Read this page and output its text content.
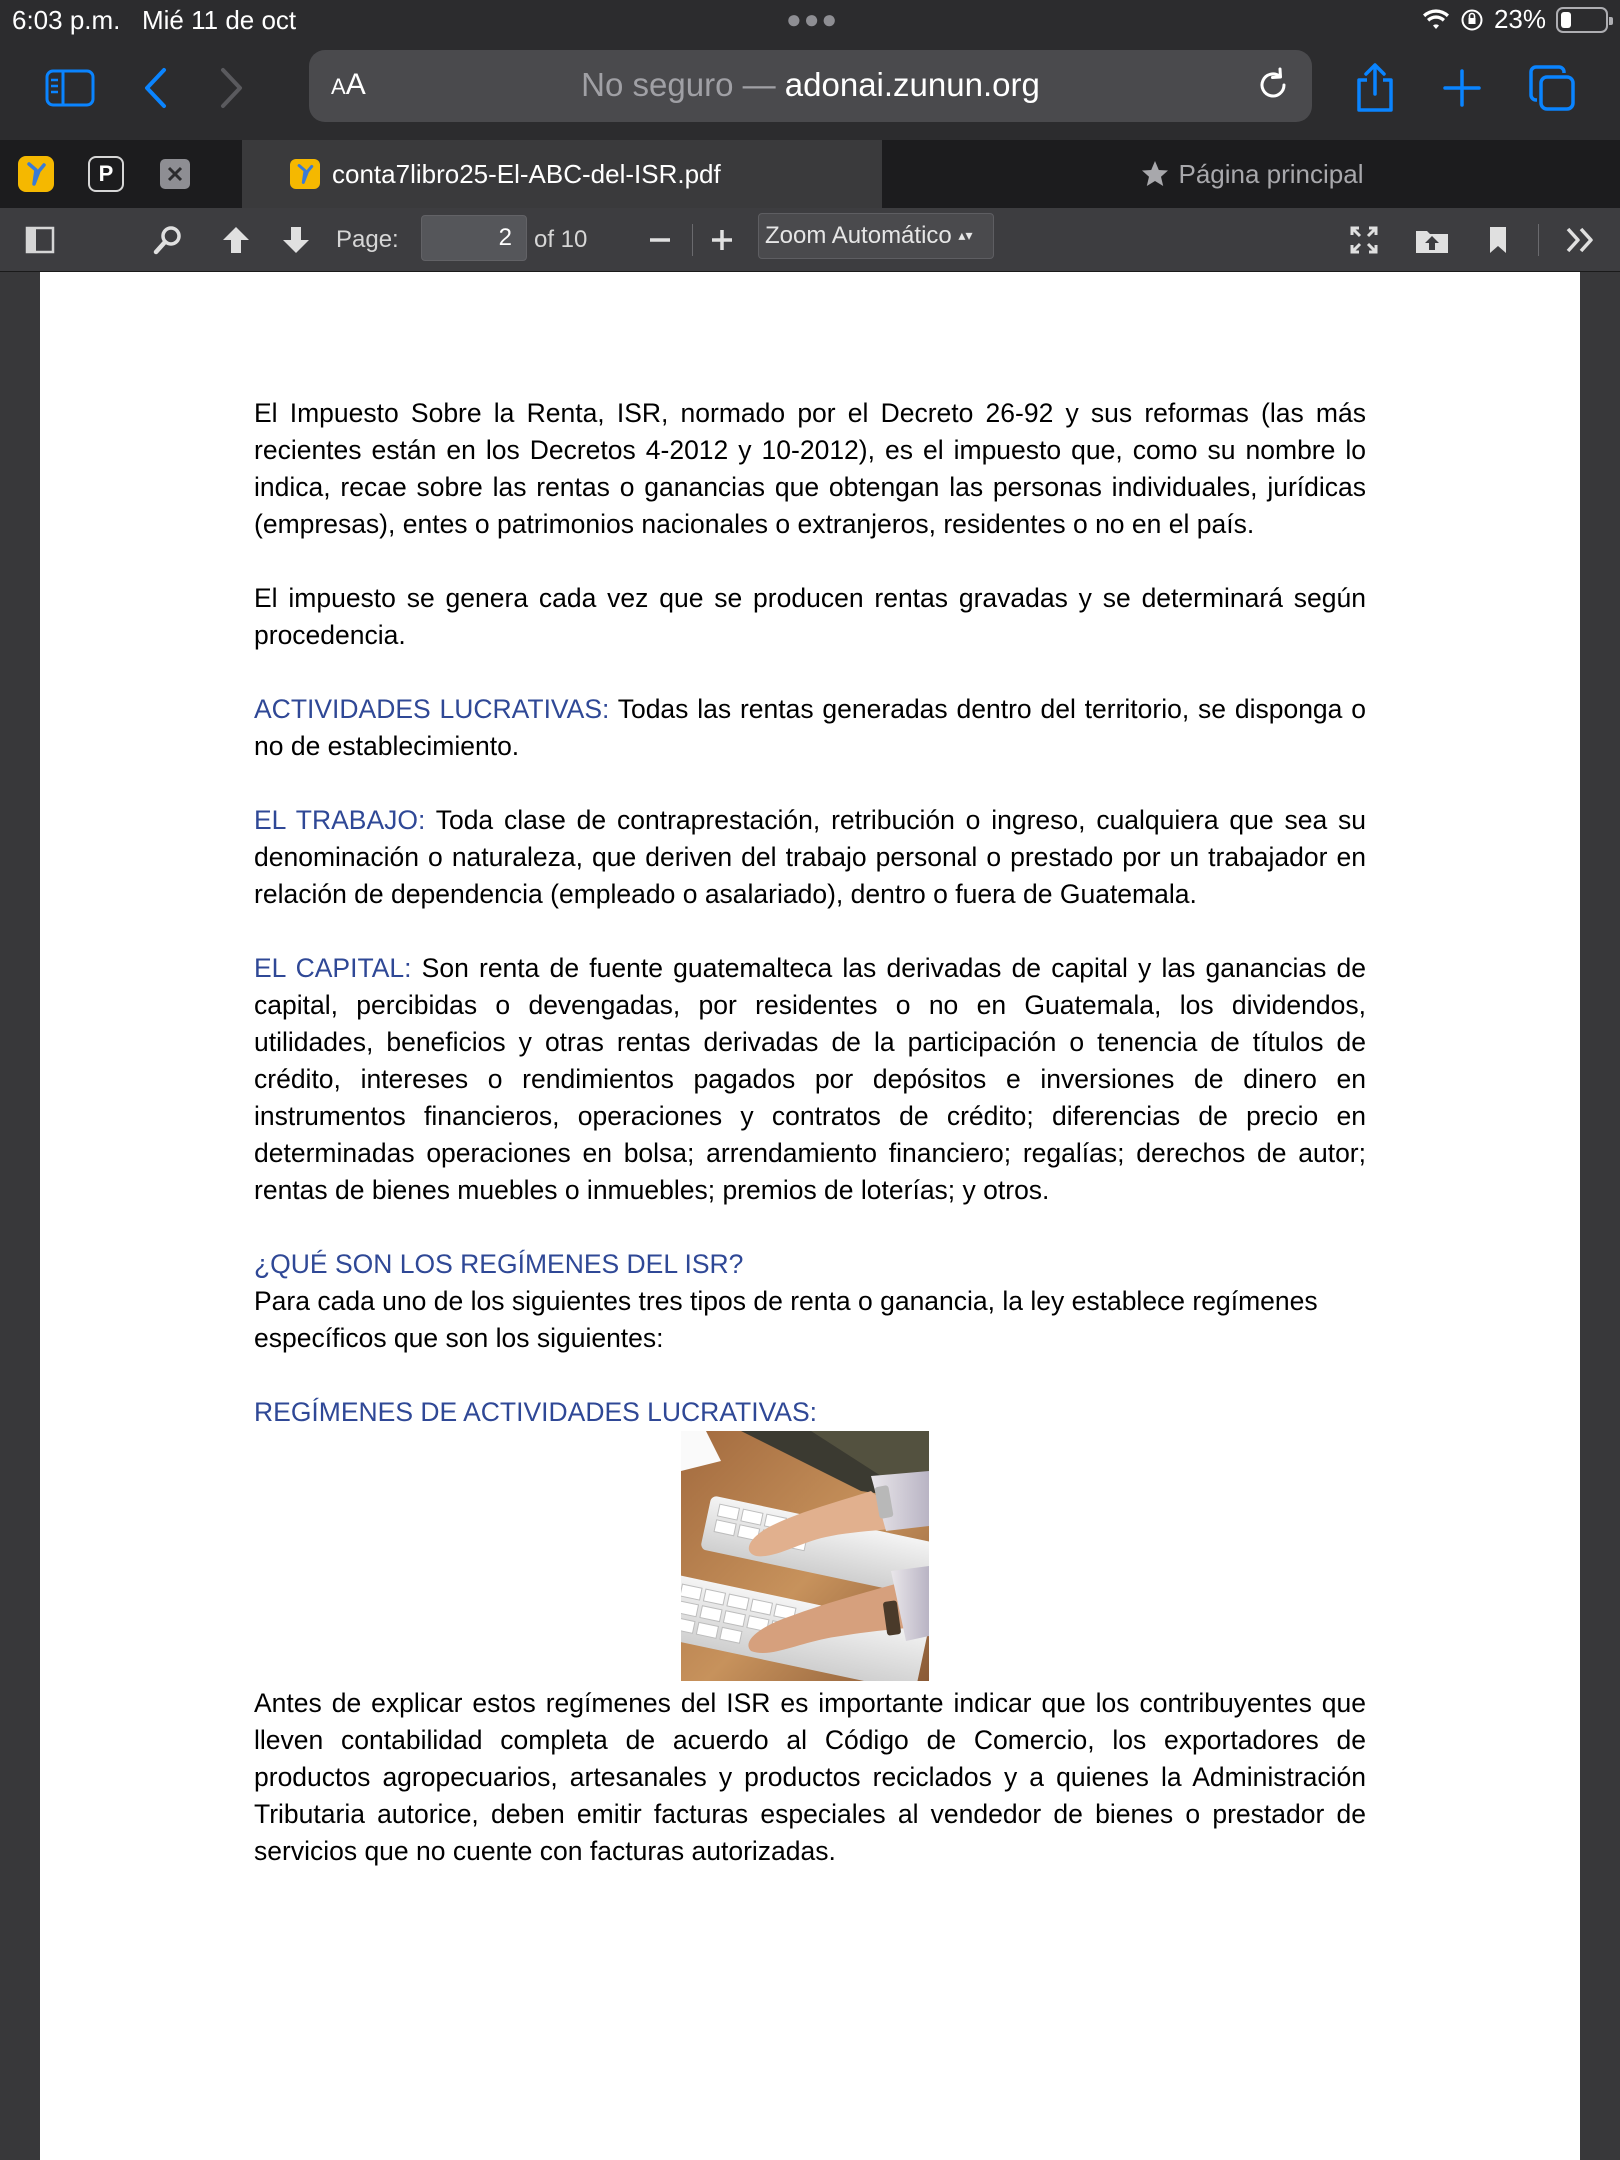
6:03 p.m. Mié 11 de oct	●●●	23%
AA	No seguro — adonai.zunun.org
P	conta7libro25-El-ABC-del-ISR.pdf	Página principal
Page:	2 of 10	Zoom Automático ▴▾

El Impuesto Sobre la Renta, ISR, normado por el Decreto 26-92 y sus reformas (las más recientes están en los Decretos 4-2012 y 10-2012), es el impuesto que, como su nombre lo indica, recae sobre las rentas o ganancias que obtengan las personas individuales, jurídicas (empresas), entes o patrimonios nacionales o extranjeros, residentes o no en el país.

El impuesto se genera cada vez que se producen rentas gravadas y se determinará según procedencia.

ACTIVIDADES LUCRATIVAS: Todas las rentas generadas dentro del territorio, se disponga o no de establecimiento.

EL TRABAJO: Toda clase de contraprestación, retribución o ingreso, cualquiera que sea su denominación o naturaleza, que deriven del trabajo personal o prestado por un trabajador en relación de dependencia (empleado o asalariado), dentro o fuera de Guatemala.

EL CAPITAL: Son renta de fuente guatemalteca las derivadas de capital y las ganancias de capital, percibidas o devengadas, por residentes o no en Guatemala, los dividendos, utilidades, beneficios y otras rentas derivadas de la participación o tenencia de títulos de crédito, intereses o rendimientos pagados por depósitos e inversiones de dinero en instrumentos financieros, operaciones y contratos de crédito; diferencias de precio en determinadas operaciones en bolsa; arrendamiento financiero; regalías; derechos de autor; rentas de bienes muebles o inmuebles; premios de loterías; y otros.

¿QUÉ SON LOS REGÍMENES DEL ISR?

Para cada uno de los siguientes tres tipos de renta o ganancia, la ley establece regímenes específicos que son los siguientes:

REGÍMENES DE ACTIVIDADES LUCRATIVAS:

Antes de explicar estos regímenes del ISR es importante indicar que los contribuyentes que lleven contabilidad completa de acuerdo al Código de Comercio, los exportadores de productos agropecuarios, artesanales y productos reciclados y a quienes la Administración Tributaria autorice, deben emitir facturas especiales al vendedor de bienes o prestador de servicios que no cuente con facturas autorizadas.
